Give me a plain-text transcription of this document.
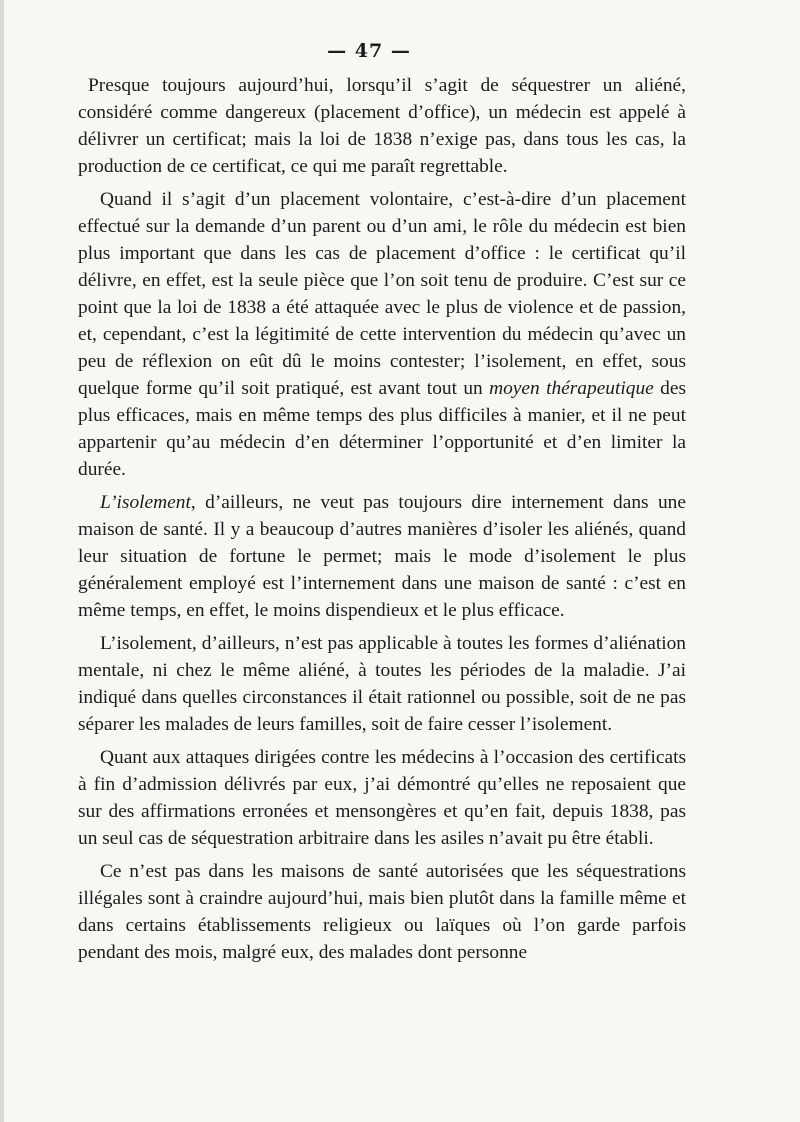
— 47 —

Presque toujours aujourd’hui, lorsqu’il s’agit de séquestrer un aliéné, considéré comme dangereux (placement d’office), un médecin est appelé à délivrer un certificat; mais la loi de 1838 n’exige pas, dans tous les cas, la production de ce certificat, ce qui me paraît regrettable.

Quand il s’agit d’un placement volontaire, c’est-à-dire d’un placement effectué sur la demande d’un parent ou d’un ami, le rôle du médecin est bien plus important que dans les cas de placement d’office : le certificat qu’il délivre, en effet, est la seule pièce que l’on soit tenu de produire. C’est sur ce point que la loi de 1838 a été attaquée avec le plus de violence et de passion, et, cependant, c’est la légitimité de cette intervention du médecin qu’avec un peu de réflexion on eût dû le moins contester; l’isolement, en effet, sous quelque forme qu’il soit pratiqué, est avant tout un moyen thérapeutique des plus efficaces, mais en même temps des plus difficiles à manier, et il ne peut appartenir qu’au médecin d’en déterminer l’opportunité et d’en limiter la durée.

L’isolement, d’ailleurs, ne veut pas toujours dire internement dans une maison de santé. Il y a beaucoup d’autres manières d’isoler les aliénés, quand leur situation de fortune le permet; mais le mode d’isolement le plus généralement employé est l’internement dans une maison de santé : c’est en même temps, en effet, le moins dispendieux et le plus efficace.

L’isolement, d’ailleurs, n’est pas applicable à toutes les formes d’aliénation mentale, ni chez le même aliéné, à toutes les périodes de la maladie. J’ai indiqué dans quelles circonstances il était rationnel ou possible, soit de ne pas séparer les malades de leurs familles, soit de faire cesser l’isolement.

Quant aux attaques dirigées contre les médecins à l’occasion des certificats à fin d’admission délivrés par eux, j’ai démontré qu’elles ne reposaient que sur des affirmations erronées et mensongères et qu’en fait, depuis 1838, pas un seul cas de séquestration arbitraire dans les asiles n’avait pu être établi.

Ce n’est pas dans les maisons de santé autorisées que les séquestrations illégales sont à craindre aujourd’hui, mais bien plutôt dans la famille même et dans certains établissements religieux ou laïques où l’on garde parfois pendant des mois, malgré eux, des malades dont personne
